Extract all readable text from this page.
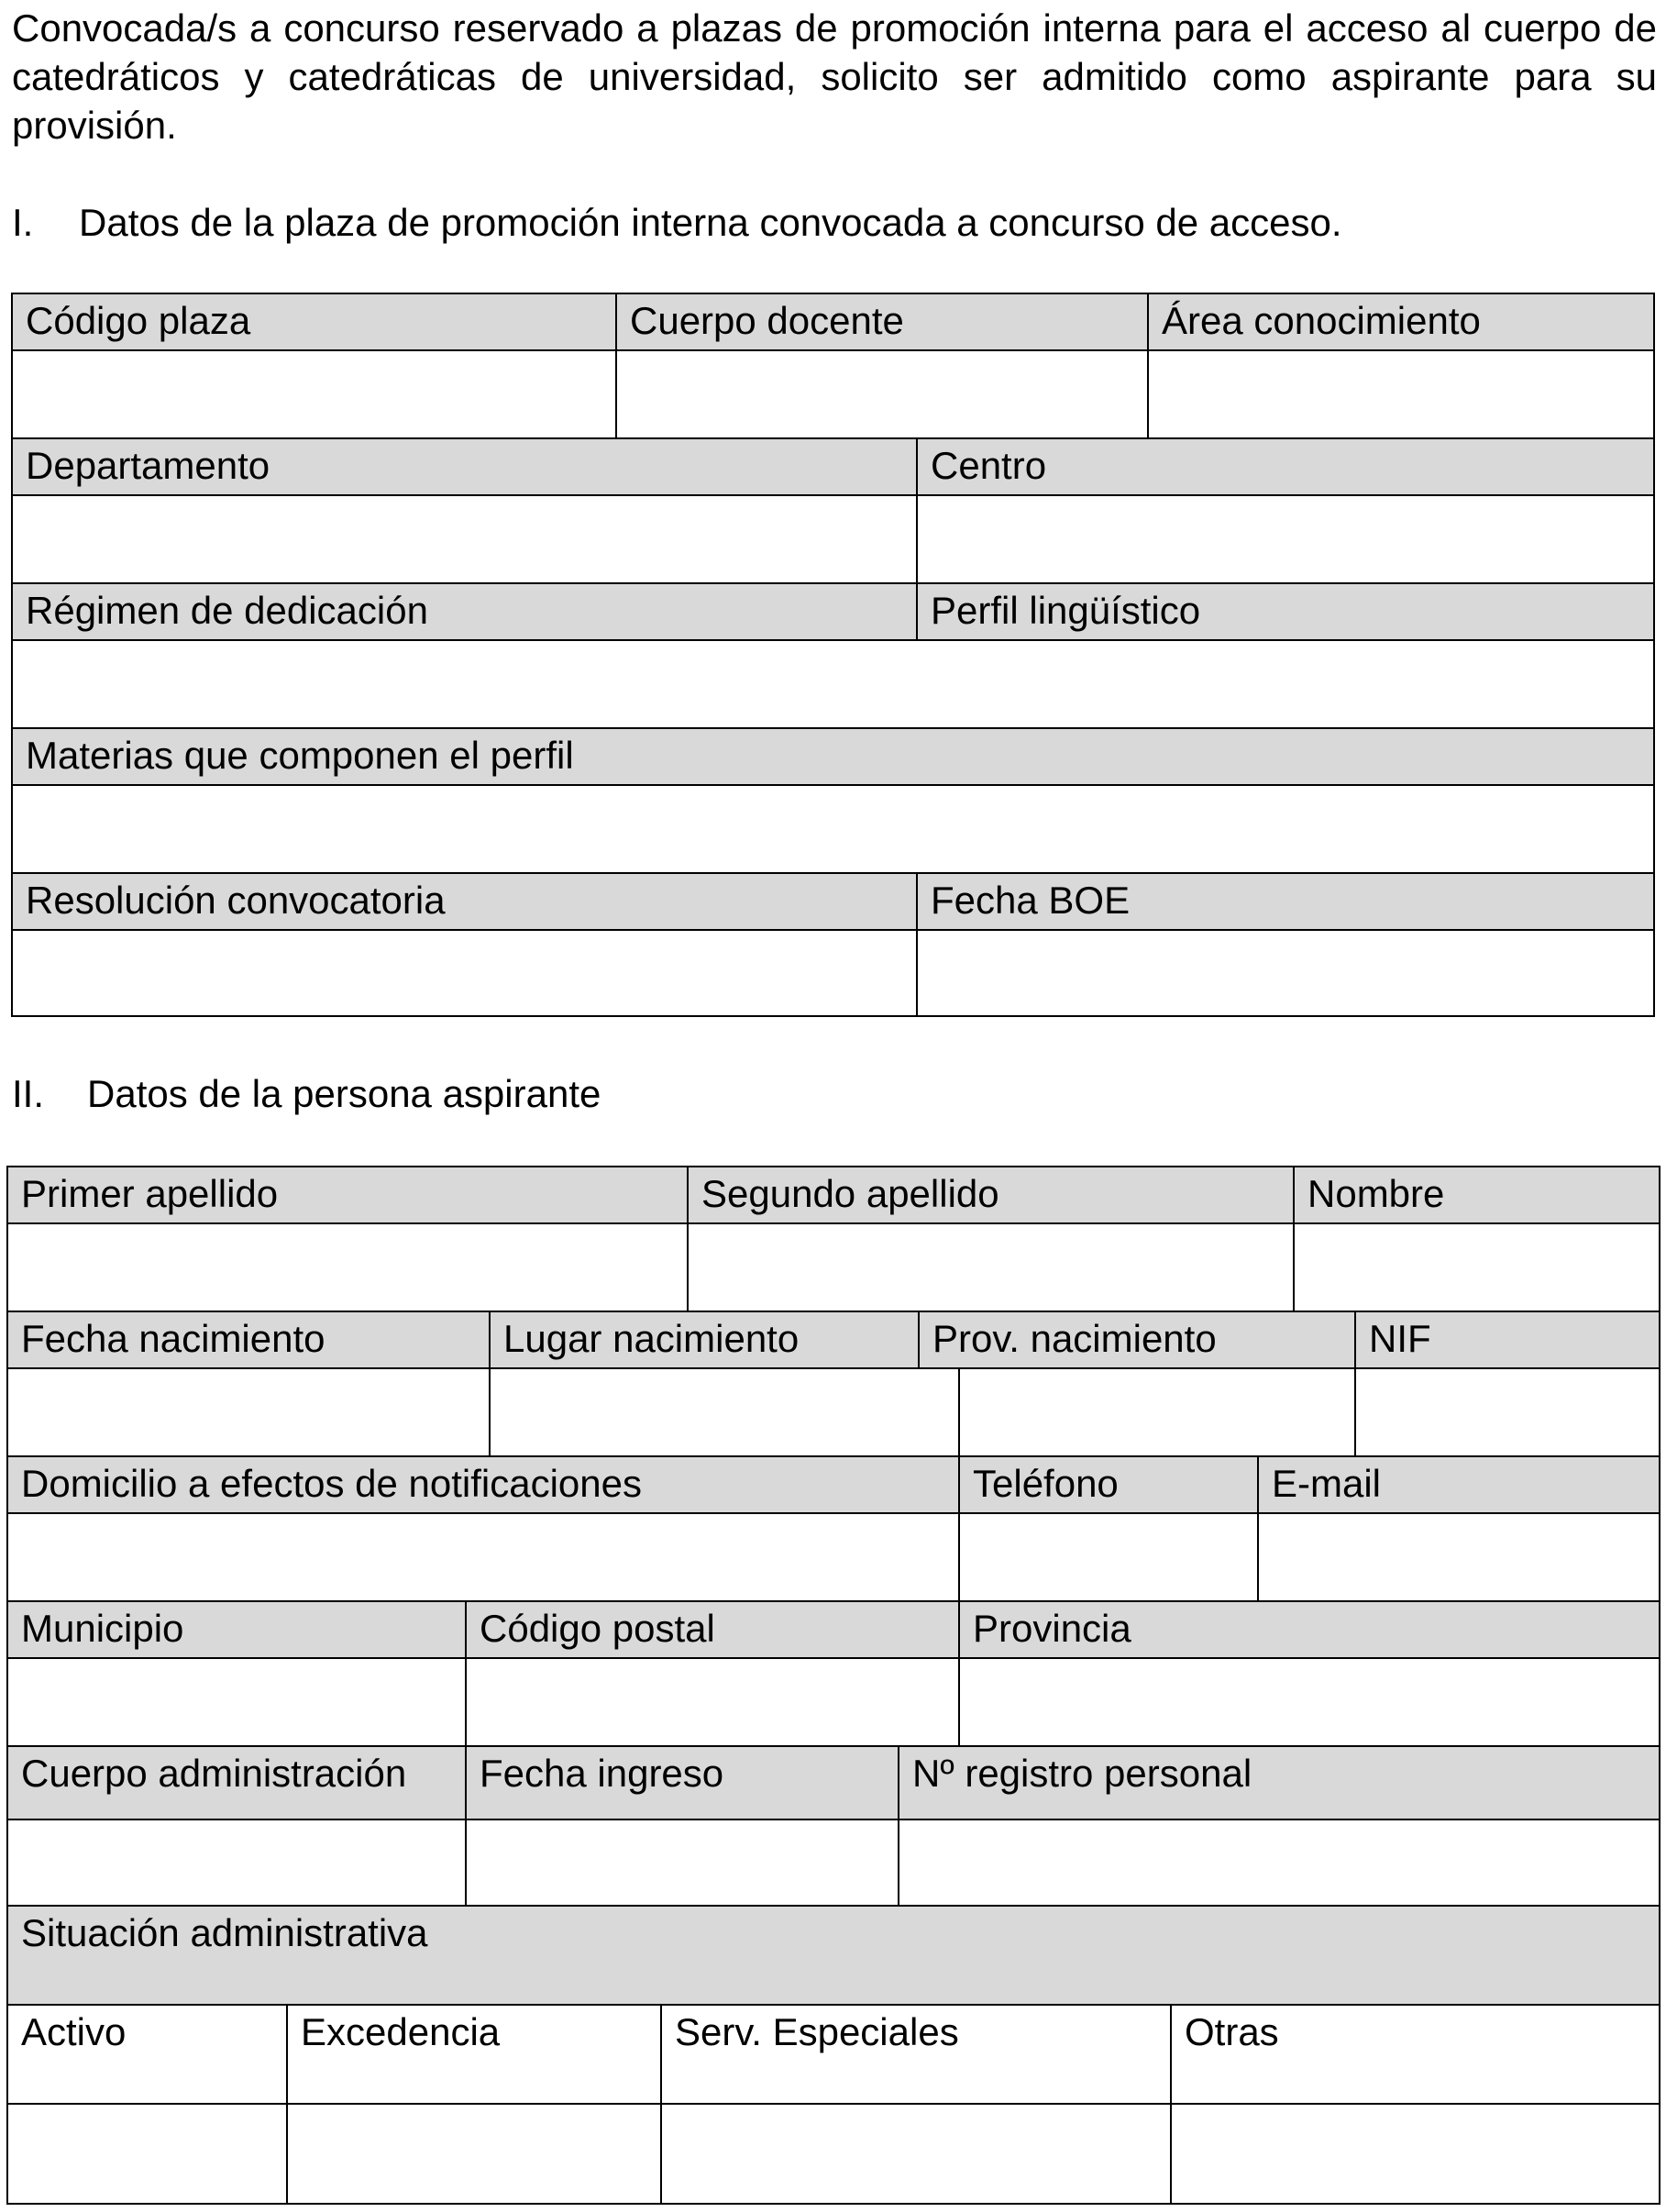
Convocada/s a concurso reservado a plazas de promoción interna para el acceso al cuerpo de catedráticos y catedráticas de universidad, solicito ser admitido como aspirante para su provisión.

I. Datos de la plaza de promoción interna convocada a concurso de acceso.
Código plaza	Cuerpo docente	Área conocimiento
Departamento	Centro
Régimen de dedicación	Perfil lingüístico
Materias que componen el perfil
Resolución convocatoria	Fecha BOE
II. Datos de la persona aspirante
Primer apellido	Segundo apellido	Nombre
Fecha nacimiento	Lugar nacimiento	Prov. nacimiento	NIF
Domicilio a efectos de notificaciones	Teléfono	E-mail
Municipio	Código postal	Provincia
Cuerpo administración	Fecha ingreso	Nº registro personal
Situación administrativa
Activo	Excedencia	Serv. Especiales	Otras
